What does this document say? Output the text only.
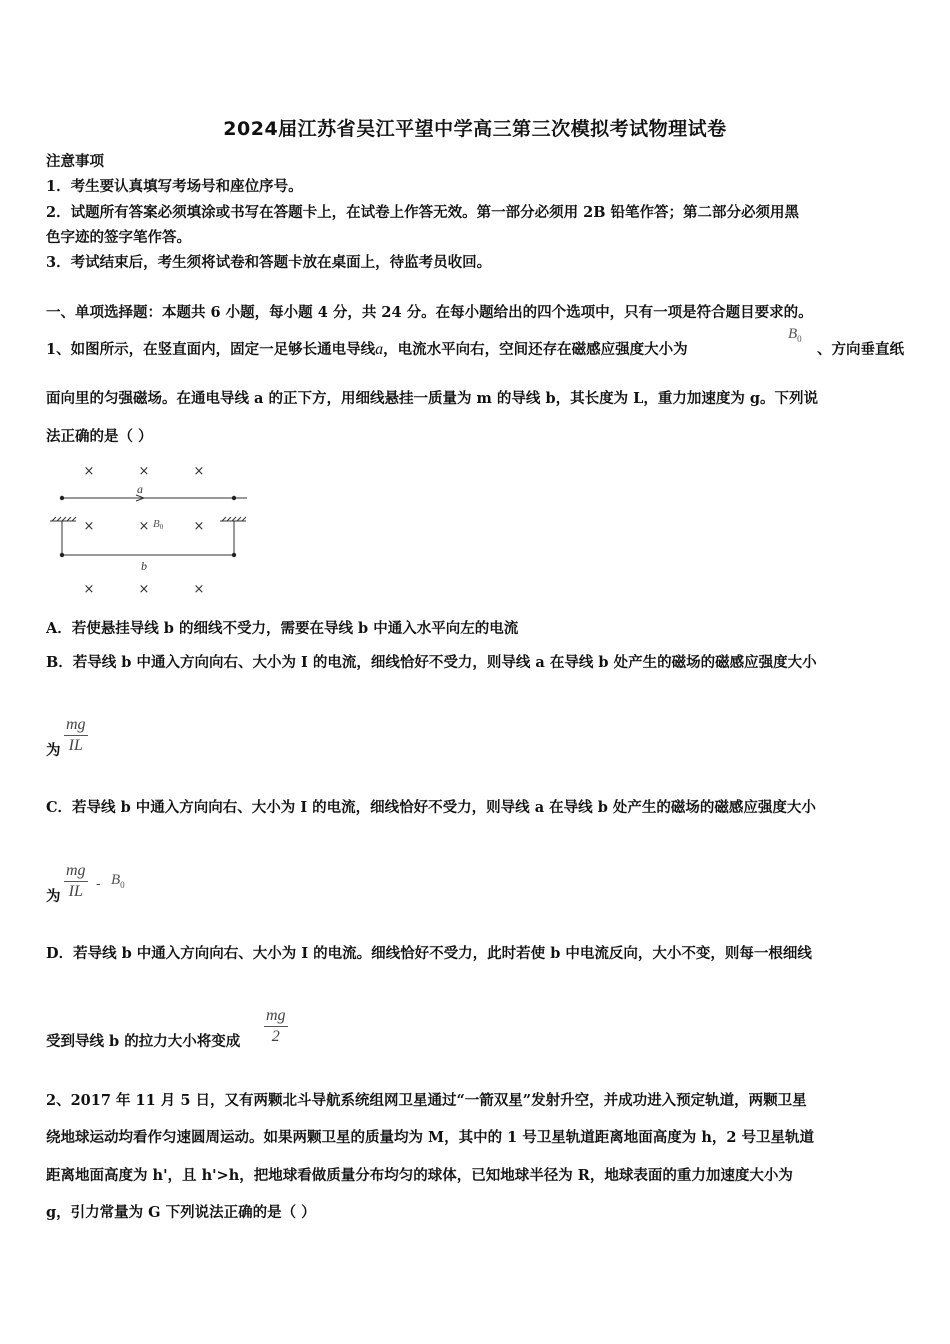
2024届江苏省吴江平望中学高三第三次模拟考试物理试卷
注意事项
1．考生要认真填写考场号和座位序号。
2．试题所有答案必须填涂或书写在答题卡上，在试卷上作答无效。第一部分必须用 2B 铅笔作答；第二部分必须用黑
色字迹的签字笔作答。
3．考试结束后，考生须将试卷和答题卡放在桌面上，待监考员收回。
一、单项选择题：本题共 6 小题，每小题 4 分，共 24 分。在每小题给出的四个选项中，只有一项是符合题目要求的。
1、如图所示，在竖直面内，固定一足够长通电导线a，电流水平向右，空间还存在磁感应强度大小为
$B_0$
、方向垂直纸
面向里的匀强磁场。在通电导线 a 的正下方，用细线悬挂一质量为 m 的导线 b，其长度为 L，重力加速度为 g。下列说
法正确的是（ ）
×	×	×
×	×	×
×	×	×
a
b
B0
A．若使悬挂导线 b 的细线不受力，需要在导线 b 中通入水平向左的电流
B．若导线 b 中通入方向向右、大小为 I 的电流，细线恰好不受力，则导线 a 在导线 b 处产生的磁场的磁感应强度大小
为
mg
IL
C．若导线 b 中通入方向向右、大小为 I 的电流，细线恰好不受力，则导线 a 在导线 b 处产生的磁场的磁感应强度大小
为
mg
IL - $B_0$
D．若导线 b 中通入方向向右、大小为 I 的电流。细线恰好不受力，此时若使 b 中电流反向，大小不变，则每一根细线
受到导线 b 的拉力大小将变成
mg
2
2、2017 年 11 月 5 日，又有两颗北斗导航系统组网卫星通过“一箭双星”发射升空，并成功进入预定轨道，两颗卫星
绕地球运动均看作匀速圆周运动。如果两颗卫星的质量均为 M，其中的 1 号卫星轨道距离地面高度为 h，2 号卫星轨道
距离地面高度为 h'，且 h'>h，把地球看做质量分布均匀的球体，已知地球半径为 R，地球表面的重力加速度大小为
g，引力常量为 G 下列说法正确的是（ ）
